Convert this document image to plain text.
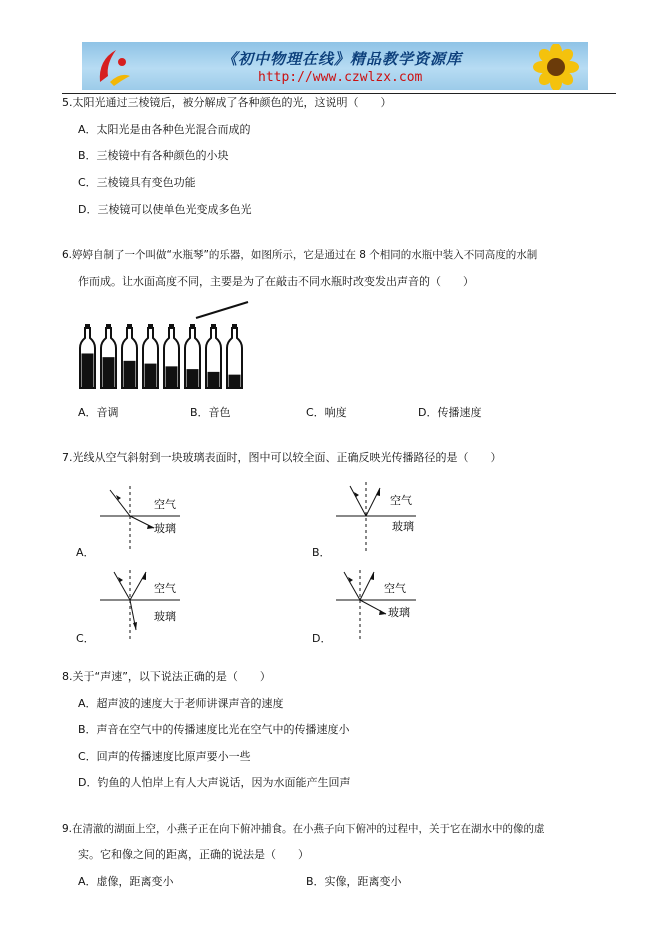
《初中物理在线》精品教学资源库
http://www.czwlzx.com
5.太阳光通过三棱镜后，被分解成了各种颜色的光，这说明（　　）
A．太阳光是由各种色光混合而成的
B．三棱镜中有各种颜色的小块
C．三棱镜具有变色功能
D．三棱镜可以使单色光变成多色光
6.婷婷自制了一个叫做“水瓶琴”的乐器，如图所示，它是通过在 8 个相同的水瓶中装入不同高度的水制
作而成。让水面高度不同，主要是为了在敲击不同水瓶时改变发出声音的（　　）
A．音调	B．音色	C．响度	D．传播速度
7.光线从空气斜射到一块玻璃表面时，图中可以较全面、正确反映光传播路径的是（　　）
空气
玻璃
A．
空气
玻璃
B．
空气
玻璃
C．
空气
玻璃
D．
8.关于“声速”，以下说法正确的是（　　）
A．超声波的速度大于老师讲课声音的速度
B．声音在空气中的传播速度比光在空气中的传播速度小
C．回声的传播速度比原声要小一些
D．钓鱼的人怕岸上有人大声说话，因为水面能产生回声
9.在清澈的湖面上空，小燕子正在向下俯冲捕食。在小燕子向下俯冲的过程中，关于它在湖水中的像的虚
实。它和像之间的距离，正确的说法是（　　）
A．虚像，距离变小	B．实像，距离变小
